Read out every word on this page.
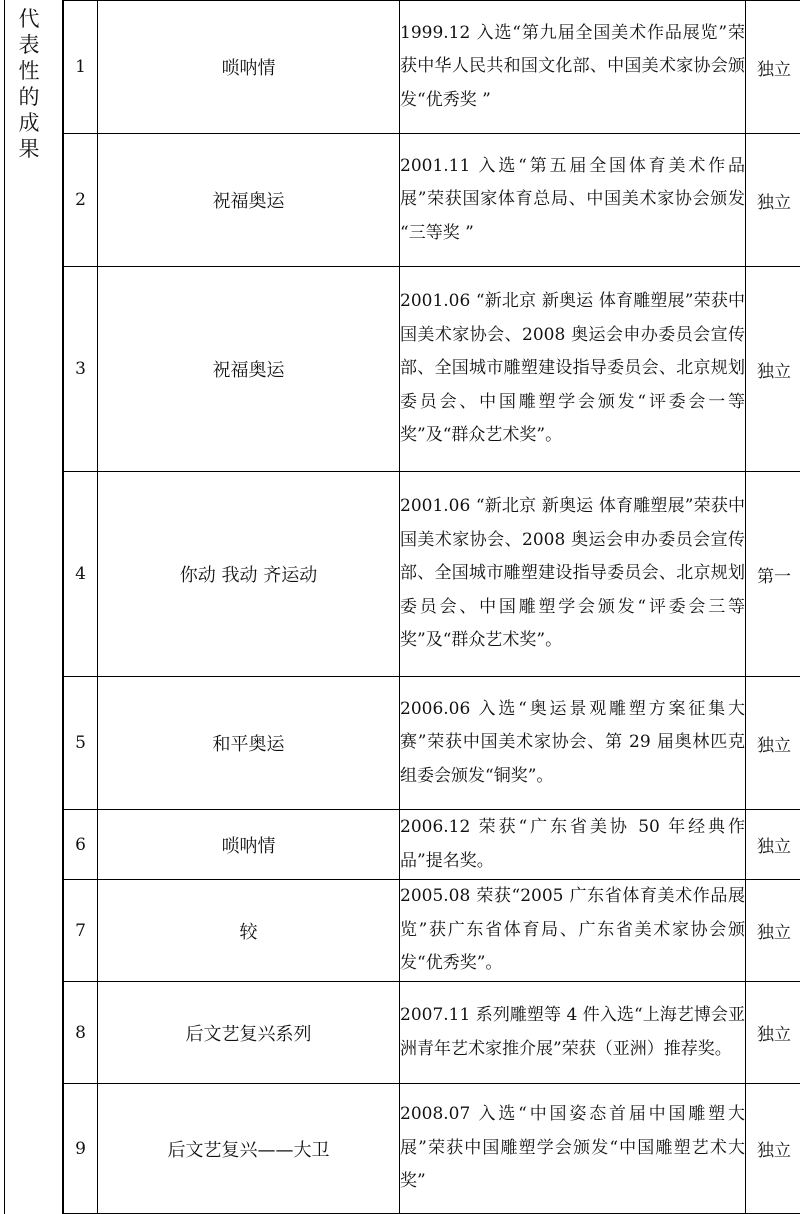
代表性的成果
1	唢呐情	1999.12 入选“第九届全国美术作品展览”荣获中华人民共和国文化部、中国美术家协会颁发“优秀奖 ”	独立
2	祝福奥运	2001.11 入选“第五届全国体育美术作品展”荣获国家体育总局、中国美术家协会颁发 “三等奖 ”	独立
3	祝福奥运	2001.06 “新北京 新奥运 体育雕塑展”荣获中国美术家协会、2008 奥运会申办委员会宣传部、全国城市雕塑建设指导委员会、北京规划委员会、中国雕塑学会颁发“评委会一等奖”及“群众艺术奖”。	独立
4	你动 我动 齐运动	2001.06 “新北京 新奥运 体育雕塑展”荣获中国美术家协会、2008 奥运会申办委员会宣传部、全国城市雕塑建设指导委员会、北京规划委员会、中国雕塑学会颁发“评委会三等奖”及“群众艺术奖”。	第一
5	和平奥运	2006.06 入选“奥运景观雕塑方案征集大赛”荣获中国美术家协会、第 29 届奥林匹克组委会颁发“铜奖”。	独立
6	唢呐情	2006.12 荣获“广东省美协 50 年经典作品”提名奖。	独立
7	较	2005.08 荣获“2005 广东省体育美术作品展览”获广东省体育局、广东省美术家协会颁发“优秀奖”。	独立
8	后文艺复兴系列	2007.11 系列雕塑等 4 件入选“上海艺博会亚洲青年艺术家推介展”荣获（亚洲）推荐奖。	独立
9	后文艺复兴——大卫	2008.07 入选“中国姿态首届中国雕塑大展”荣获中国雕塑学会颁发“中国雕塑艺术大奖”	独立
